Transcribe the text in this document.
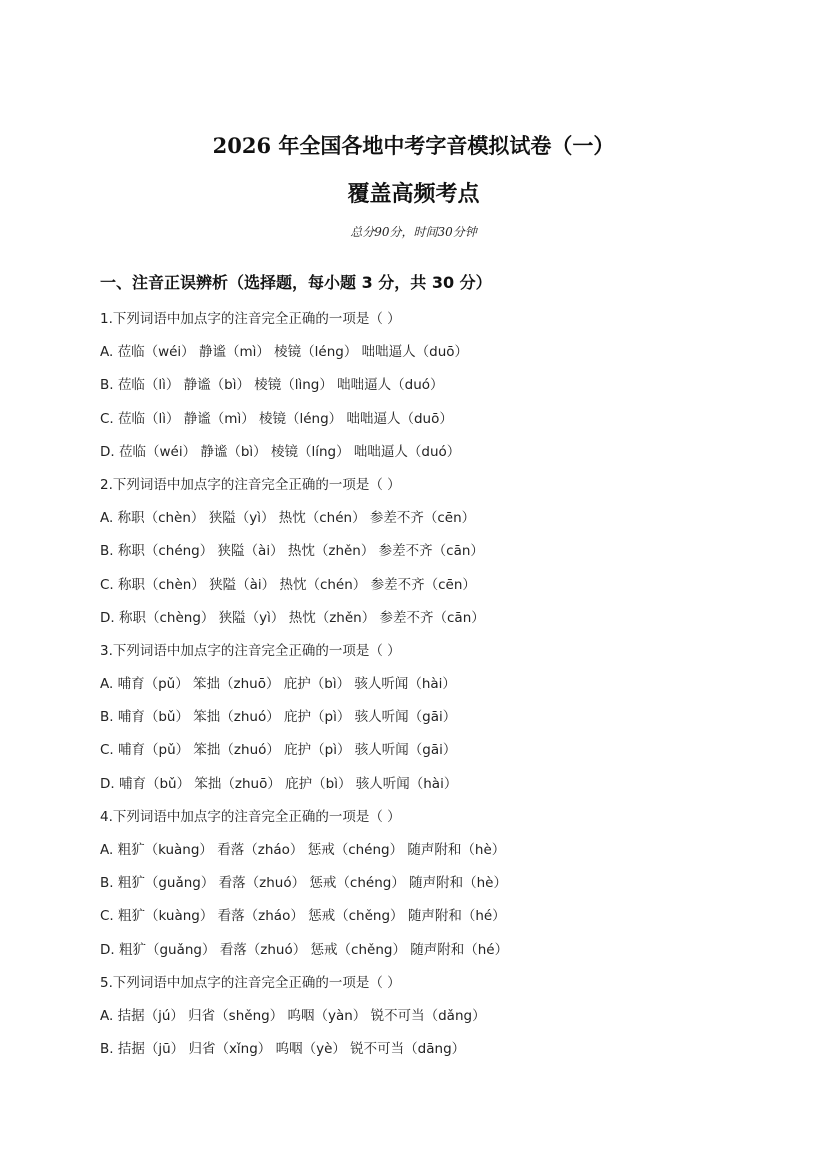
2026 年全国各地中考字音模拟试卷（一）
覆盖高频考点
总分90分，时间30分钟
一、注音正误辨析（选择题，每小题 3 分，共 30 分）
1.下列词语中加点字的注音完全正确的一项是（ ）
A. 莅临（wéi） 静谧（mì） 棱镜（léng） 咄咄逼人（duō）
B. 莅临（lì） 静谧（bì） 棱镜（lìng） 咄咄逼人（duó）
C. 莅临（lì） 静谧（mì） 棱镜（léng） 咄咄逼人（duō）
D. 莅临（wéi） 静谧（bì） 棱镜（líng） 咄咄逼人（duó）
2.下列词语中加点字的注音完全正确的一项是（ ）
A. 称职（chèn） 狭隘（yì） 热忱（chén） 参差不齐（cēn）
B. 称职（chéng） 狭隘（ài） 热忱（zhěn） 参差不齐（cān）
C. 称职（chèn） 狭隘（ài） 热忱（chén） 参差不齐（cēn）
D. 称职（chèng） 狭隘（yì） 热忱（zhěn） 参差不齐（cān）
3.下列词语中加点字的注音完全正确的一项是（ ）
A. 哺育（pǔ） 笨拙（zhuō） 庇护（bì） 骇人听闻（hài）
B. 哺育（bǔ） 笨拙（zhuó） 庇护（pì） 骇人听闻（gāi）
C. 哺育（pǔ） 笨拙（zhuó） 庇护（pì） 骇人听闻（gāi）
D. 哺育（bǔ） 笨拙（zhuō） 庇护（bì） 骇人听闻（hài）
4.下列词语中加点字的注音完全正确的一项是（ ）
A. 粗犷（kuàng） 看落（zháo） 惩戒（chéng） 随声附和（hè）
B. 粗犷（guǎng） 看落（zhuó） 惩戒（chéng） 随声附和（hè）
C. 粗犷（kuàng） 看落（zháo） 惩戒（chěng） 随声附和（hé）
D. 粗犷（guǎng） 看落（zhuó） 惩戒（chěng） 随声附和（hé）
5.下列词语中加点字的注音完全正确的一项是（ ）
A. 拮据（jú） 归省（shěng） 呜咽（yàn） 锐不可当（dǎng）
B. 拮据（jū） 归省（xǐng） 呜咽（yè） 锐不可当（dāng）
